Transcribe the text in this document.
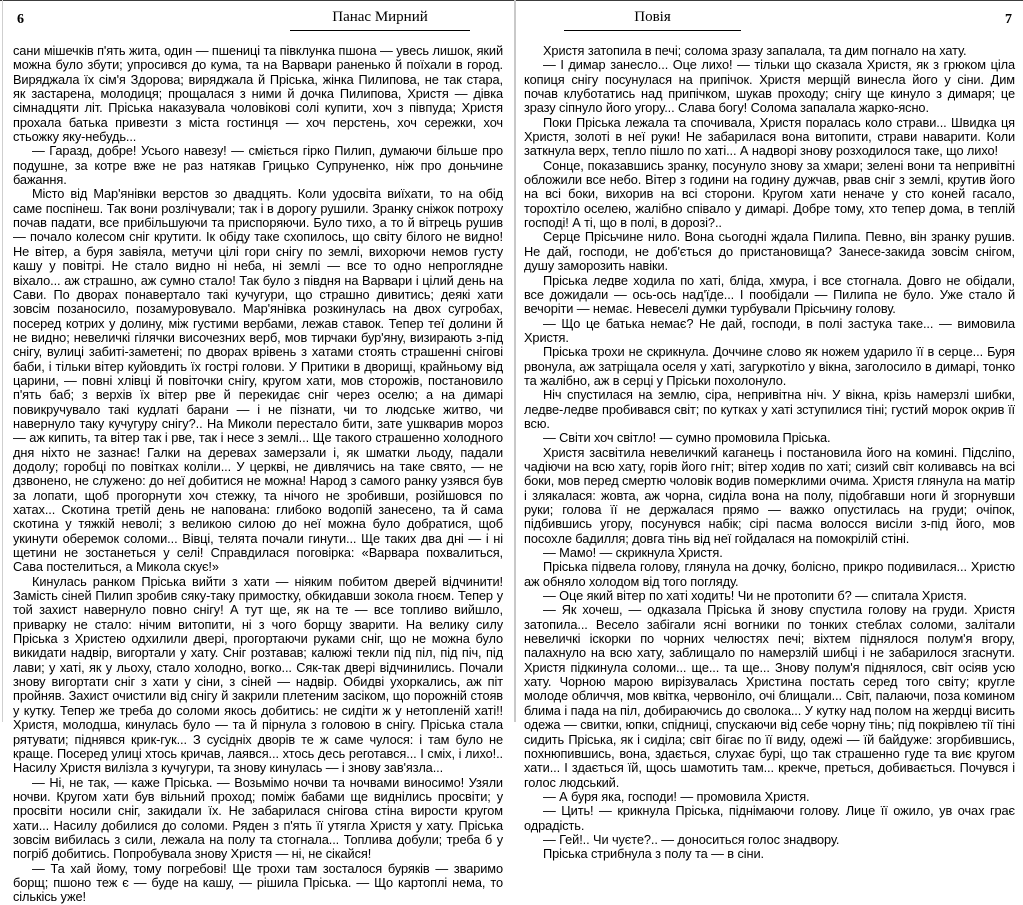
6	Панас Мирний

сани мішечків п'ять жита, один — пшениці та півклунка пшона — увесь лишок, який можна було збути; упросився до кума, та на Варвари раненько й поїхали в город. Виряджала їх сім'я Здорова; виряджала й Пріська, жінка Пилипова, не так стара, як застарена, молодиця; прощалася з ними й дочка Пилипова, Христя — дівка сімнадцяти літ. Пріська наказувала чоловікові солі купити, хоч з півпуда; Христя прохала батька привезти з міста гостинця — хоч перстень, хоч сережки, хоч стьожку яку-небудь...

— Гаразд, добре! Усього навезу! — сміється гірко Пилип, думаючи більше про подушне, за котре вже не раз натякав Грицько Супруненко, ніж про доньчине бажання.

Місто від Мар'янівки верстов зо двадцять. Коли удосвіта виїхати, то на обід саме поспінеш. Так вони розлічували; так і в дорогу рушили. Зранку сніжок потроху почав падати, все прибільшуючи та приспоряючи. Було тихо, а то й вітрець рушив — почало колесом сніг крутити. Ік обіду таке схопилось, що світу білого не видно! Не вітер, а буря завіяла, метучи цілі гори снігу по землі, вихорючи немов густу кашу у повітрі. Не стало видно ні неба, ні землі — все то одно непроглядне віхало... аж страшно, аж сумно стало! Так було з півдня на Варвари і цілий день на Сави. По дворах понавертало такі кучугури, що страшно дивитись; деякі хати зовсім позаносило, позамуровувало. Мар'янівка розкинулась на двох сугробах, посеред котрих у долину, між густими вербами, лежав ставок. Тепер теї долини й не видно; невеличкі гілячки височезних верб, мов тирчаки бур'яну, визирають з-під снігу, вулиці забиті-заметені; по дворах врівень з хатами стоять страшенні снігові баби, і тільки вітер куйовдить їх гострі голови. У Притики в дворищі, крайньому від царини, — повні хлівці й повіточки снігу, кругом хати, мов сторожів, постановило п'ять баб; з верхів їх вітер рве й перекидає сніг через оселю; а на димарі повикручувало такі кудлаті барани — і не пізнати, чи то людське житво, чи навернуло таку кучугуру снігу?.. На Миколи перестало бити, зате ушкварив мороз — аж кипить, та вітер так і рве, так і несе з землі... Ще такого страшенно холодного дня ніхто не зазнає! Галки на деревах замерзали і, як шматки льоду, падали додолу; горобці по повітках коліли... У церкві, не дивлячись на таке свято, — не дзвонено, не служено: до неї добитися не можна! Народ з самого ранку узявся був за лопати, щоб прогорнути хоч стежку, та нічого не зробивши, розійшовся по хатах... Скотина третій день не напована: глибоко водопій занесено, та й сама скотина у тяжкій неволі; з великою силою до неї можна було добратися, щоб укинути оберемок соломи... Вівці, телята почали гинути... Ще таких два дні — і ні щетини не зостанеться у селі! Справдилася поговірка: «Варвара похвалиться, Сава постелиться, а Микола скує!»

Кинулась ранком Пріська вийти з хати — ніяким побитом дверей відчинити! Замість сіней Пилип зробив сяку-таку примостку, обкидавши зокола гноєм. Тепер у той захист навернуло повно снігу! А тут ще, як на те — все топливо вийшло, приварку не стало: нічим витопити, ні з чого борщу зварити. На велику силу Пріська з Христею одхилили двері, прогортаючи руками сніг, що не можна було викидати надвір, вигортали у хату. Сніг розтавав; калюжі текли під піл, під піч, під лави; у хаті, як у льоху, стало холодно, вогко... Сяк-так двері відчинились. Почали знову вигортати сніг з хати у сіни, з сіней — надвір. Обидві ухоркались, аж піт пройняв. Захист очистили від снігу й закрили плетеним засіком, що порожній стояв у кутку. Тепер же треба до соломи якось добитись: не сидіти ж у нетопленій хаті!! Христя, молодша, кинулась було — та й пірнула з головою в снігу. Пріська стала рятувати; піднявся крик-гук... З сусідніх дворів те ж саме чулося: і там було не краще. Посеред улиці хтось кричав, лаявся... хтось десь реготався... І сміх, і лихо!.. Насилу Христя вилізла з кучугури, та знову кинулась — і знову зав'язла...

— Ні, не так, — каже Пріська. — Возьмімо ночви та ночвами виносимо! Узяли ночви. Кругом хати був вільний проход; поміж бабами ще виднілись просвіти; у просвіти носили сніг, закидали їх. Не забарилася снігова стіна вирости кругом хати... Насилу добилися до соломи. Ряден з п'ять її утягла Христя у хату. Пріська зовсім вибилась з сили, лежала на полу та стогнала... Топлива добули; треба б у погріб добитись. Попробувала знову Христя — ні, не сікайся!

— Та хай йому, тому погребові! Ще трохи там зосталося буряків — зваримо борщ; пшоно теж є — буде на кашу, — рішила Пріська. — Що картоплі нема, то сількісь уже!

Повія	7

Христя затопила в печі; солома зразу запалала, та дим погнало на хату.

— І димар занесло... Оце лихо! — тільки що сказала Христя, як з грюком ціла копиця снігу посунулася на припічок. Христя мерщій винесла його у сіни. Дим почав клуботатись над припічком, шукав проходу; снігу ще кинуло з димаря; це зразу сіпнуло його угору... Слава богу! Солома запалала жарко-ясно.

Поки Пріська лежала та спочивала, Христя поралась коло страви... Швидка ця Христя, золоті в неї руки! Не забарилася вона витопити, страви наварити. Коли заткнула верх, тепло пішло по хаті... А надворі знову розходилося таке, що лихо!

Сонце, показавшись зранку, посунуло знову за хмари; зелені вони та непривітні обложили все небо. Вітер з години на годину дужчав, рвав сніг з землі, крутив його на всі боки, вихорив на всі сторони. Кругом хати неначе у сто коней гасало, торохтіло оселею, жалібно співало у димарі. Добре тому, хто тепер дома, в теплій господі! А ті, що в полі, в дорозі?..

Серце Прісьчине нило. Вона сьогодні ждала Пилипа. Певно, він зранку рушив. Не дай, господи, не доб'ється до пристановища? Занесе-закида зовсім снігом, душу заморозить навіки.

Пріська ледве ходила по хаті, бліда, хмура, і все стогнала. Довго не обідали, все дожидали — ось-ось над'їде... І пообідали — Пилипа не було. Уже стало й вечоріти — немає. Невеселі думки турбували Прісьчину голову.

— Що це батька немає? Не дай, господи, в полі застука таке... — вимовила Христя.

Пріська трохи не скрикнула. Доччине слово як ножем ударило її в серце... Буря рвонула, аж затріщала оселя у хаті, загуркотіло у вікна, заголосило в димарі, тонко та жалібно, аж в серці у Пріськи похолонуло.

Ніч спустилася на землю, сіра, непривітна ніч. У вікна, крізь намерзлі шибки, ледве-ледве пробивався світ; по кутках у хаті зступилися тіні; густий морок окрив її всю.

— Світи хоч світло! — сумно промовила Пріська.

Христя засвітила невеличкий каганець і постановила його на комині. Підсліпо, чадіючи на всю хату, горів його гніт; вітер ходив по хаті; сизий світ коливавсь на всі боки, мов перед смертю чоловік водив померклими очима. Христя глянула на матір і злякалася: жовта, аж чорна, сиділа вона на полу, підобгавши ноги й згорнувши руки; голова її не держалася прямо — важко опустилась на груди; очіпок, підбившись угору, посунувся набік; сірі пасма волосся висіли з-під його, мов посохле бадилля; довга тінь від неї гойдалася на помокрілій стіні.

— Мамо! — скрикнула Христя.

Пріська підвела голову, глянула на дочку, болісно, прикро подивилася... Христю аж обняло холодом від того погляду.

— Оце який вітер по хаті ходить! Чи не протопити б? — спитала Христя.

— Як хочеш, — одказала Пріська й знову спустила голову на груди. Христя затопила... Весело забігали ясні вогники по тонких стеблах соломи, залітали невеличкі іскорки по чорних челюстях печі; віхтем піднялося полум'я вгору, палахнуло на всю хату, заблищало по намерзлій шибці і не забарилося згаснути. Христя підкинула соломи... ще... та ще... Знову полум'я піднялося, світ осіяв усю хату. Чорною марою вирізувалась Христина постать серед того світу; кругле молоде обличчя, мов квітка, червоніло, очі блищали... Світ, палаючи, поза комином блима і пада на піл, добираючись до сволока... У кутку над полом на жердці висить одежа — свитки, юпки, спідниці, спускаючи від себе чорну тінь; під покрівлею тії тіні сидить Пріська, як і сиділа; світ бігає по її виду, одежі — їй байдуже: згорбившись, похнюпившись, вона, здається, слухає бурі, що так страшенно гуде та виє кругом хати... І здається їй, щось шамотить там... крекче, преться, добивається. Почувся і голос людський.

— А буря яка, господи! — промовила Христя.

— Цить! — крикнула Пріська, піднімаючи голову. Лице її ожило, ув очах грає одрадість.

— Гей!.. Чи чуєте?.. — доноситься голос знадвору.

Пріська стрибнула з полу та — в сіни.
